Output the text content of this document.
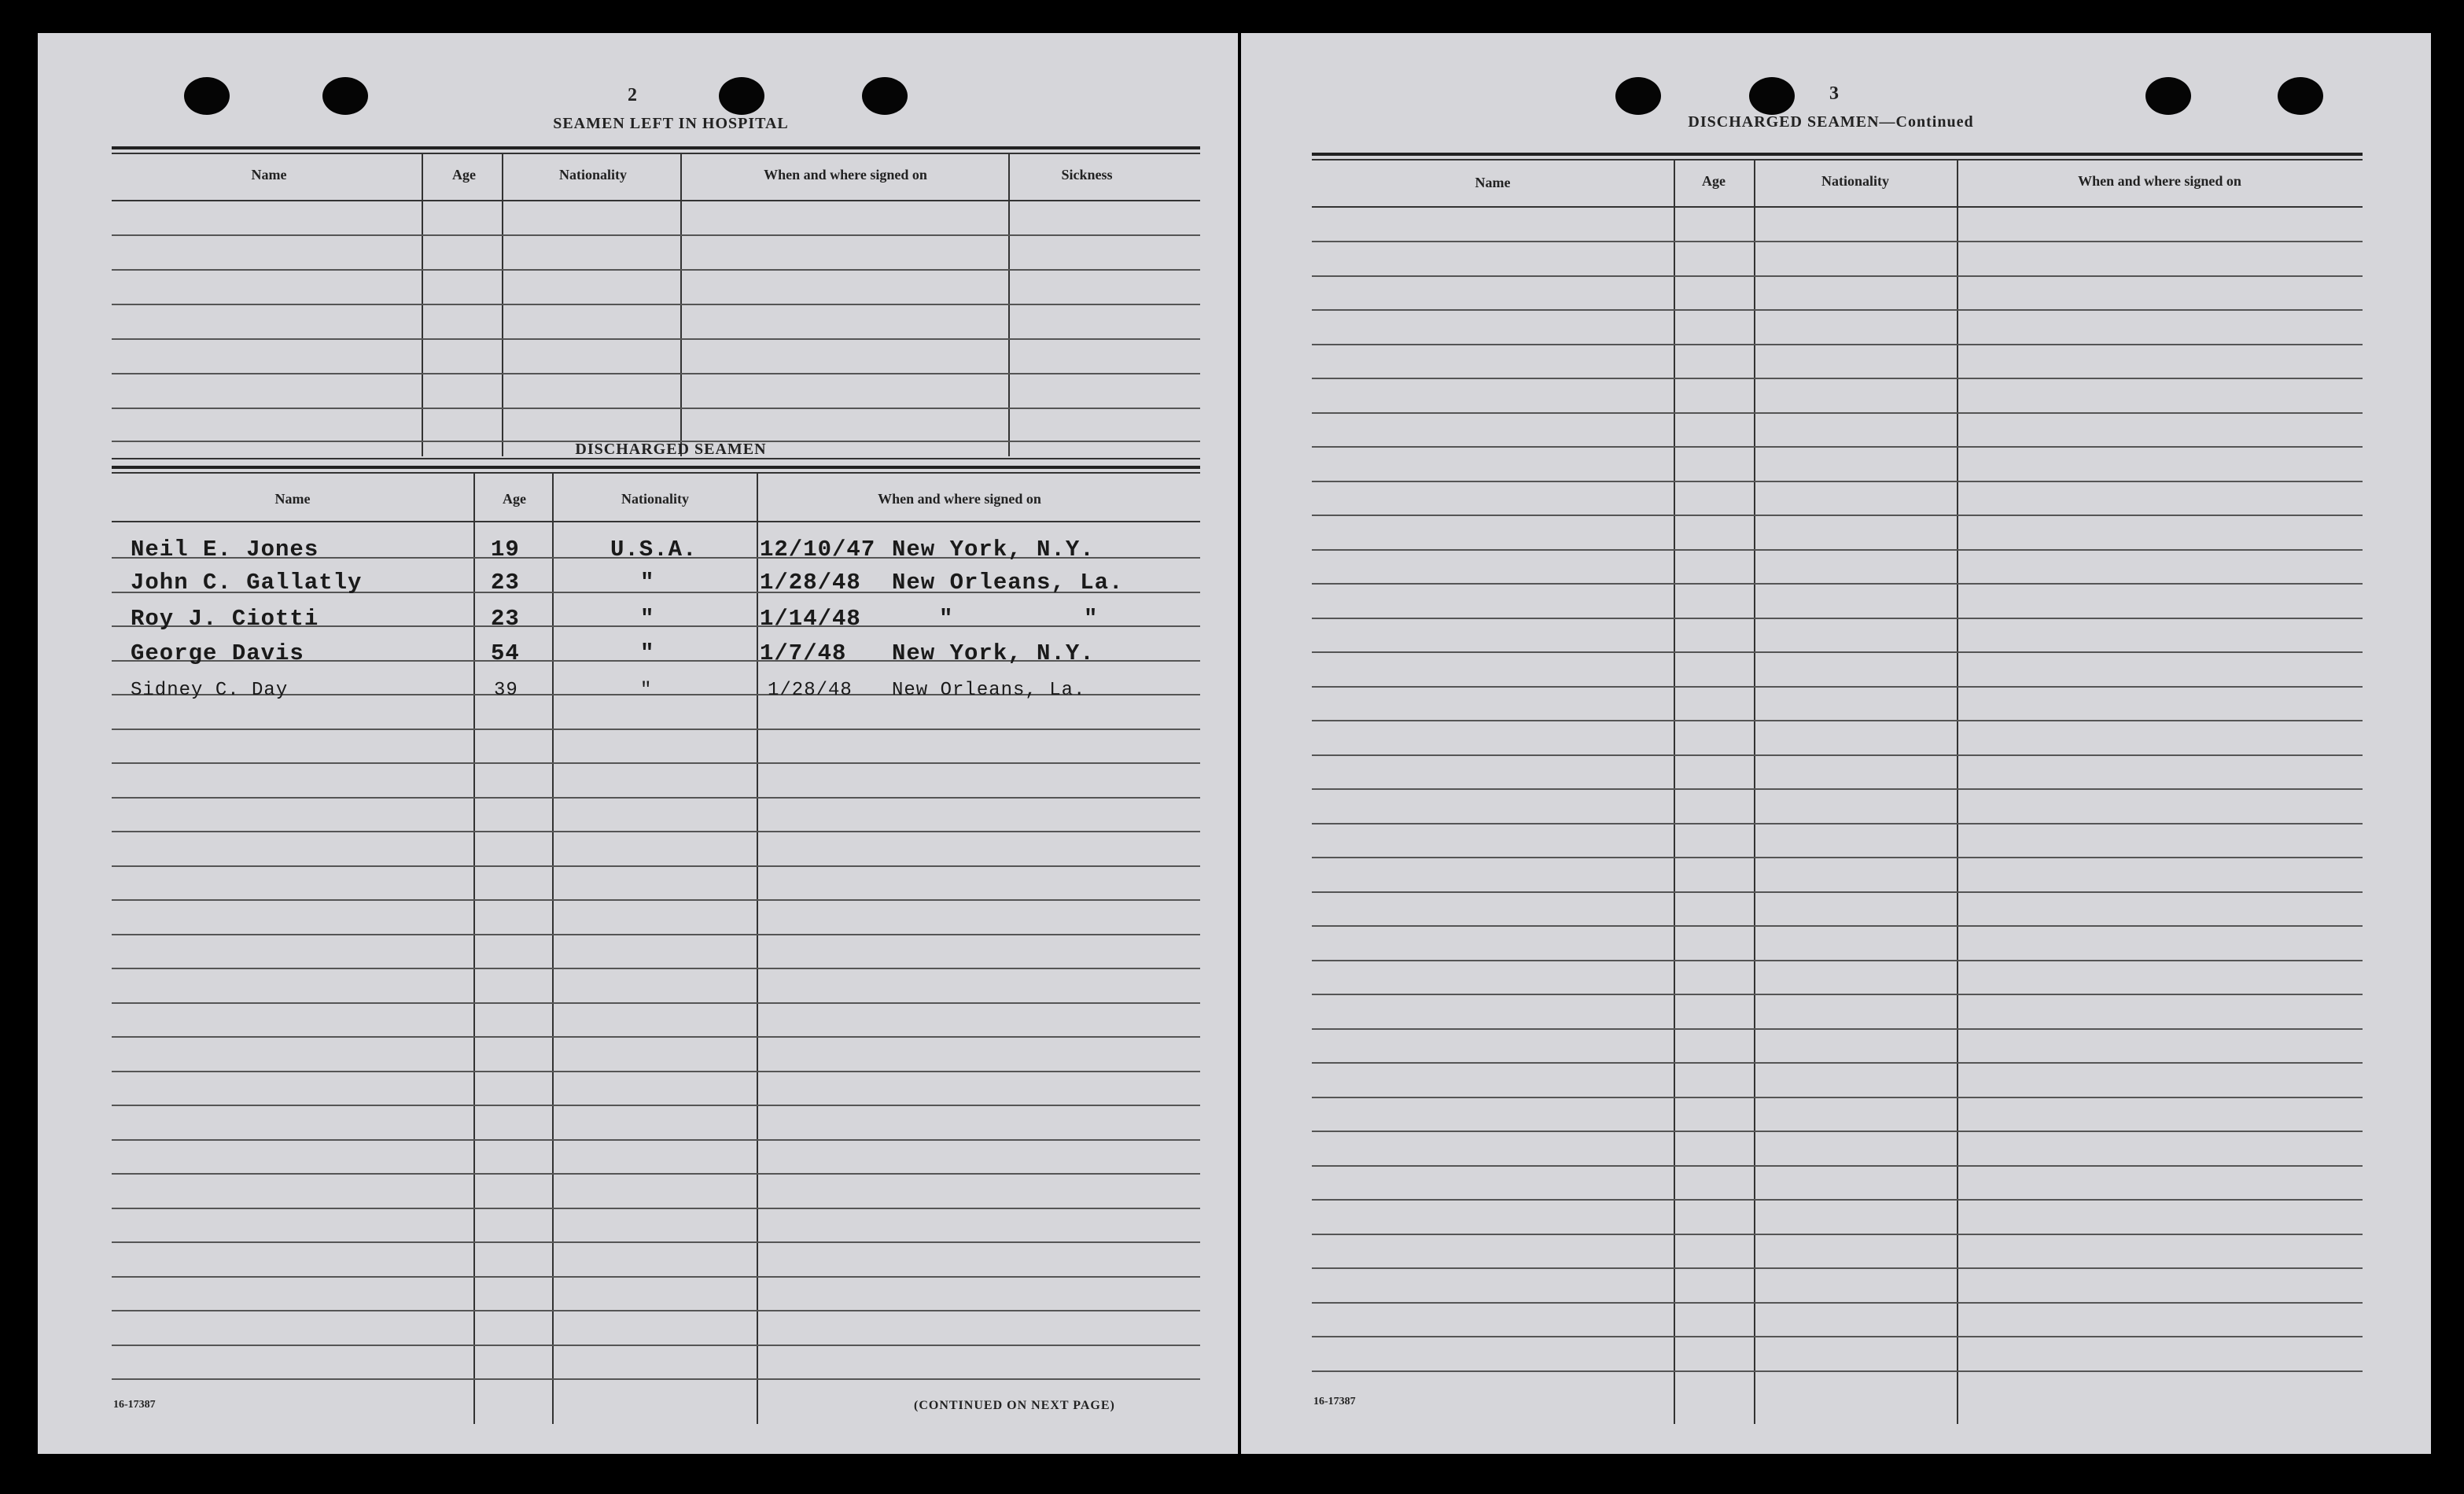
2
SEAMEN LEFT IN HOSPITAL
Name	Age	Nationality	When and where signed on	Sickness
DISCHARGED SEAMEN
Name	Age	Nationality	When and where signed on
Neil E. Jones	19	U.S.A.	12/10/47 New York, N.Y.
John C. Gallatly	23	"	1/28/48 New Orleans, La.
Roy J. Ciotti	23	"	1/14/48	"         "
George Davis	54	"	1/7/48 New York, N.Y.
Sidney C. Day	39	"	1/28/48 New Orleans, La.
16-17387	(CONTINUED ON NEXT PAGE)
3
DISCHARGED SEAMEN—Continued
Name	Age	Nationality	When and where signed on
16-17387
